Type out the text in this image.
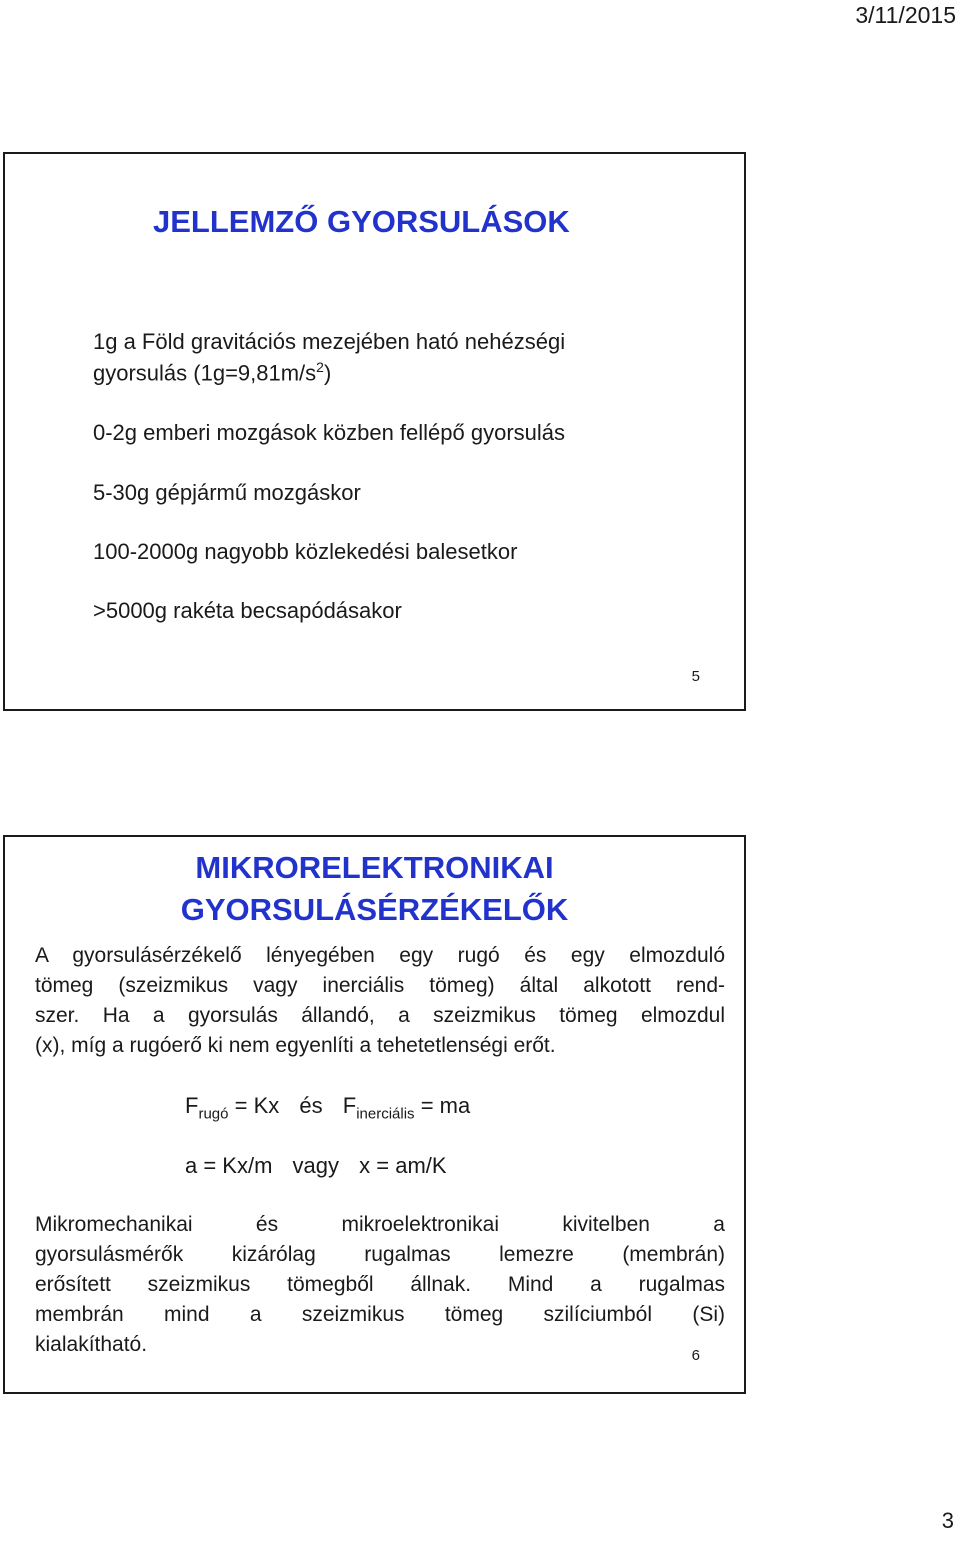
3/11/2015
JELLEMZŐ GYORSULÁSOK
1g a Föld gravitációs mezejében ható nehézségi
gyorsulás $(1g=9,81m/s^2)$
0-2g emberi mozgások közben fellépő gyorsulás
5-30g gépjármű mozgáskor
100-2000g nagyobb közlekedési balesetkor
>5000g rakéta becsapódásakor
5
MIKRORELEKTRONIKAI
GYORSULÁSÉRZÉKELŐK
A gyorsulásérzékelő lényegében egy rugó és egy elmozduló
tömeg (szeizmikus vagy inerciális tömeg) által alkotott rend-
szer. Ha a gyorsulás állandó, a szeizmikus tömeg elmozdul
(x), míg a rugóerő ki nem egyenlíti a tehetetlenségi erőt.
$F_{rugó} = Kx$ és $F_{inerciális}$ = ma
a = Kx/m vagy x = am/K
Mikromechanikai és mikroelektronikai kivitelben a
gyorsulásmérők kizárólag rugalmas lemezre (membrán)
erősített szeizmikus tömegből állnak. Mind a rugalmas
membrán mind a szeizmikus tömeg szilíciumból (Si)
kialakítható.	6
3
